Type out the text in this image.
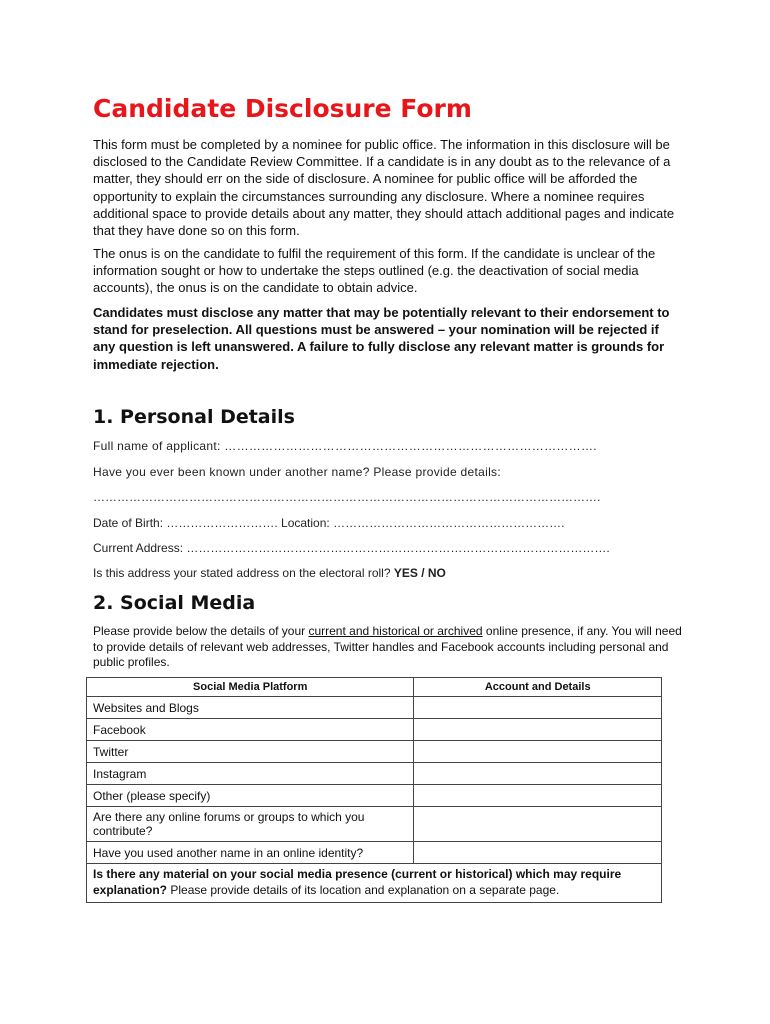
Candidate Disclosure Form

This form must be completed by a nominee for public office. The information in this disclosure will be disclosed to the Candidate Review Committee. If a candidate is in any doubt as to the relevance of a matter, they should err on the side of disclosure. A nominee for public office will be afforded the opportunity to explain the circumstances surrounding any disclosure. Where a nominee requires additional space to provide details about any matter, they should attach additional pages and indicate that they have done so on this form.

The onus is on the candidate to fulfil the requirement of this form. If the candidate is unclear of the information sought or how to undertake the steps outlined (e.g. the deactivation of social media accounts), the onus is on the candidate to obtain advice.

Candidates must disclose any matter that may be potentially relevant to their endorsement to stand for preselection. All questions must be answered – your nomination will be rejected if any question is left unanswered. A failure to fully disclose any relevant matter is grounds for immediate rejection.

1. Personal Details

Full name of applicant: ……………………………………………………………………………….

Have you ever been known under another name? Please provide details:

……………………………………………………………………………………………………………….

Date of Birth: ………………………. Location: ………………………………………………….

Current Address: …………………………………………………………………………………………….

Is this address your stated address on the electoral roll? YES / NO

2. Social Media

Please provide below the details of your current and historical or archived online presence, if any. You will need to provide details of relevant web addresses, Twitter handles and Facebook accounts including personal and public profiles.

Social Media Platform	Account and Details
Websites and Blogs	
Facebook	
Twitter	
Instagram	
Other (please specify)	
Are there any online forums or groups to which you contribute?	
Have you used another name in an online identity?	
Is there any material on your social media presence (current or historical) which may require explanation? Please provide details of its location and explanation on a separate page.	
